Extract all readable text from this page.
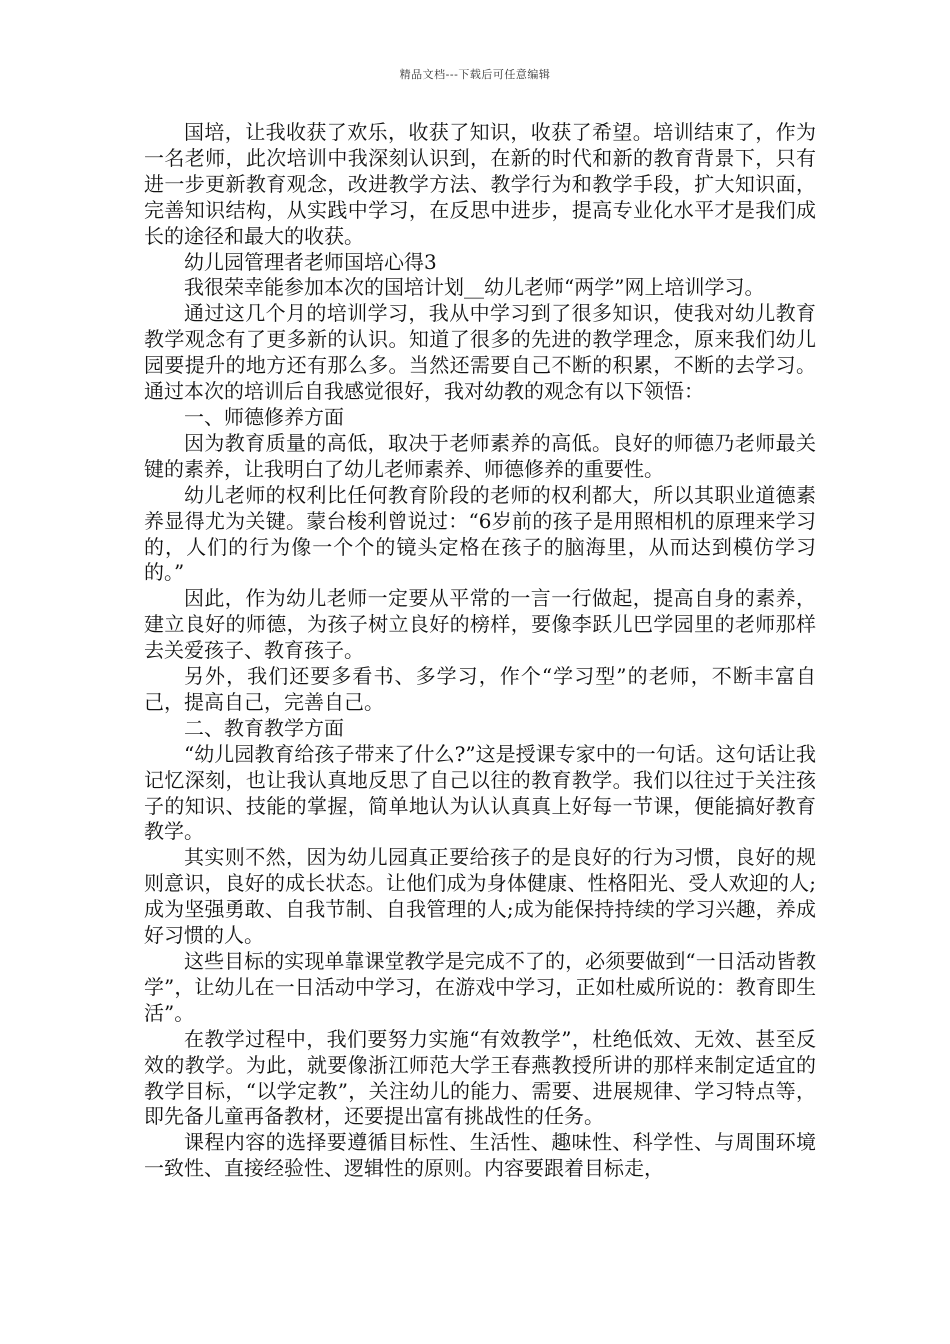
精品文档---下载后可任意编辑

国培，让我收获了欢乐，收获了知识，收获了希望。培训结束了，作为一名老师，此次培训中我深刻认识到，在新的时代和新的教育背景下，只有进一步更新教育观念，改进教学方法、教学行为和教学手段，扩大知识面，完善知识结构，从实践中学习，在反思中进步，提高专业化水平才是我们成长的途径和最大的收获。

幼儿园管理者老师国培心得3

我很荣幸能参加本次的国培计划__幼儿老师“两学”网上培训学习。

通过这几个月的培训学习，我从中学习到了很多知识，使我对幼儿教育教学观念有了更多新的认识。知道了很多的先进的教学理念，原来我们幼儿园要提升的地方还有那么多。当然还需要自己不断的积累，不断的去学习。通过本次的培训后自我感觉很好，我对幼教的观念有以下领悟：

一、师德修养方面

因为教育质量的高低，取决于老师素养的高低。良好的师德乃老师最关键的素养，让我明白了幼儿老师素养、师德修养的重要性。

幼儿老师的权利比任何教育阶段的老师的权利都大，所以其职业道德素养显得尤为关键。蒙台梭利曾说过：“6岁前的孩子是用照相机的原理来学习的，人们的行为像一个个的镜头定格在孩子的脑海里，从而达到模仿学习的。”

因此，作为幼儿老师一定要从平常的一言一行做起，提高自身的素养，建立良好的师德，为孩子树立良好的榜样，要像李跃儿巴学园里的老师那样去关爱孩子、教育孩子。

另外，我们还要多看书、多学习，作个“学习型”的老师，不断丰富自己，提高自己，完善自己。

二、教育教学方面

“幼儿园教育给孩子带来了什么?”这是授课专家中的一句话。这句话让我记忆深刻，也让我认真地反思了自己以往的教育教学。我们以往过于关注孩子的知识、技能的掌握，简单地认为认认真真上好每一节课，便能搞好教育教学。

其实则不然，因为幼儿园真正要给孩子的是良好的行为习惯，良好的规则意识，良好的成长状态。让他们成为身体健康、性格阳光、受人欢迎的人;成为坚强勇敢、自我节制、自我管理的人;成为能保持持续的学习兴趣，养成好习惯的人。

这些目标的实现单靠课堂教学是完成不了的，必须要做到“一日活动皆教学”，让幼儿在一日活动中学习，在游戏中学习，正如杜威所说的：教育即生活”。

在教学过程中，我们要努力实施“有效教学”，杜绝低效、无效、甚至反效的教学。为此，就要像浙江师范大学王春燕教授所讲的那样来制定适宜的教学目标，“以学定教”，关注幼儿的能力、需要、进展规律、学习特点等，即先备儿童再备教材，还要提出富有挑战性的任务。

课程内容的选择要遵循目标性、生活性、趣味性、科学性、与周围环境一致性、直接经验性、逻辑性的原则。内容要跟着目标走，
